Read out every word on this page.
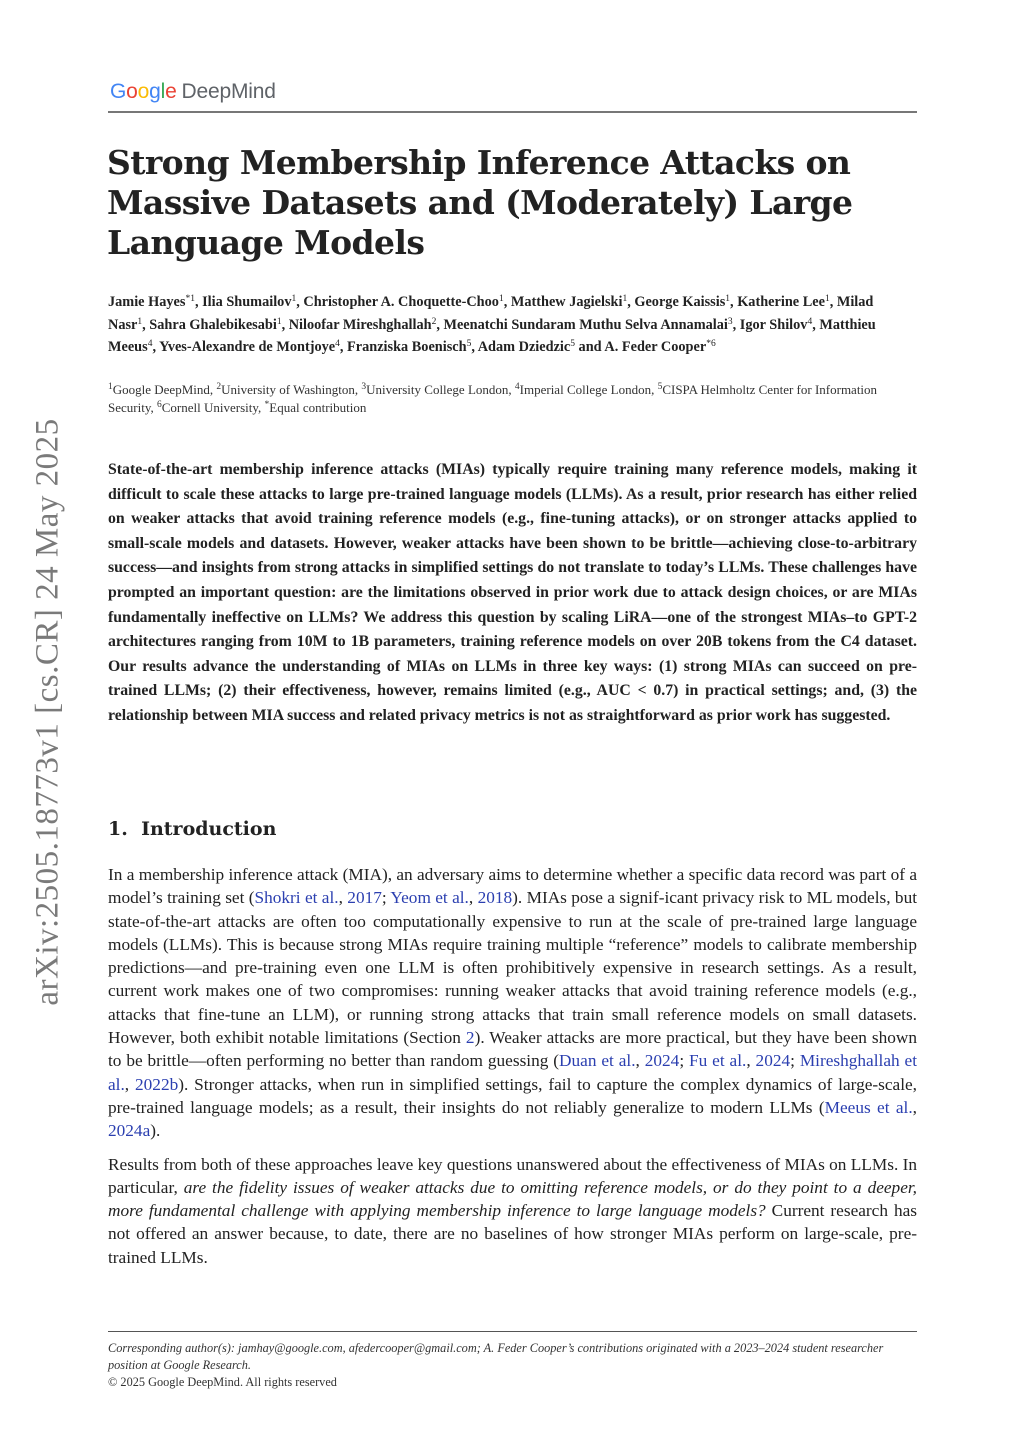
arXiv:2505.18773v1 [cs.CR] 24 May 2025
Google DeepMind
Strong Membership Inference Attacks on Massive Datasets and (Moderately) Large Language Models
Jamie Hayes$^{*1}$, Ilia Shumailov$^1$, Christopher A. Choquette-Choo$^1$, Matthew Jagielski$^1$, George Kaissis$^1$, Katherine Lee$^1$, Milad Nasr$^1$, Sahra Ghalebikesabi$^1$, Niloofar Mireshghallah$^2$, Meenatchi Sundaram Muthu Selva Annamalai$^3$, Igor Shilov$^4$, Matthieu Meeus$^4$, Yves-Alexandre de Montjoye$^4$, Franziska Boenisch$^5$, Adam Dziedzic$^5$ and A. Feder Cooper$^{*6}$
$^1$Google DeepMind, $^2$University of Washington, $^3$University College London, $^4$Imperial College London, $^5$CISPA Helmholtz Center for Information Security, $^6$Cornell University, *Equal contribution
State-of-the-art membership inference attacks (MIAs) typically require training many reference models, making it difficult to scale these attacks to large pre-trained language models (LLMs). As a result, prior research has either relied on weaker attacks that avoid training reference models (e.g., fine-tuning attacks), or on stronger attacks applied to small-scale models and datasets. However, weaker attacks have been shown to be brittle—achieving close-to-arbitrary success—and insights from strong attacks in simplified settings do not translate to today’s LLMs. These challenges have prompted an important question: are the limitations observed in prior work due to attack design choices, or are MIAs fundamentally ineffective on LLMs? We address this question by scaling LiRA—one of the strongest MIAs–to GPT-2 architectures ranging from 10M to 1B parameters, training reference models on over 20B tokens from the C4 dataset. Our results advance the understanding of MIAs on LLMs in three key ways: (1) strong MIAs can succeed on pre-trained LLMs; (2) their effectiveness, however, remains limited (e.g., AUC < 0.7) in practical settings; and, (3) the relationship between MIA success and related privacy metrics is not as straightforward as prior work has suggested.
1. Introduction

In a membership inference attack (MIA), an adversary aims to determine whether a specific data record was part of a model’s training set (Shokri et al., 2017; Yeom et al., 2018). MIAs pose a signif-icant privacy risk to ML models, but state-of-the-art attacks are often too computationally expensive to run at the scale of pre-trained large language models (LLMs). This is because strong MIAs require training multiple “reference” models to calibrate membership predictions—and pre-training even one LLM is often prohibitively expensive in research settings. As a result, current work makes one of two compromises: running weaker attacks that avoid training reference models (e.g., attacks that fine-tune an LLM), or running strong attacks that train small reference models on small datasets. However, both exhibit notable limitations (Section 2). Weaker attacks are more practical, but they have been shown to be brittle—often performing no better than random guessing (Duan et al., 2024; Fu et al., 2024; Mireshghallah et al., 2022b). Stronger attacks, when run in simplified settings, fail to capture the complex dynamics of large-scale, pre-trained language models; as a result, their insights do not reliably generalize to modern LLMs (Meeus et al., 2024a).

Results from both of these approaches leave key questions unanswered about the effectiveness of MIAs on LLMs. In particular, are the fidelity issues of weaker attacks due to omitting reference models, or do they point to a deeper, more fundamental challenge with applying membership inference to large language models? Current research has not offered an answer because, to date, there are no baselines of how stronger MIAs perform on large-scale, pre-trained LLMs.

Corresponding author(s): jamhay@google.com, afedercooper@gmail.com; A. Feder Cooper’s contributions originated with a 2023–2024 student researcher position at Google Research.
© 2025 Google DeepMind. All rights reserved
